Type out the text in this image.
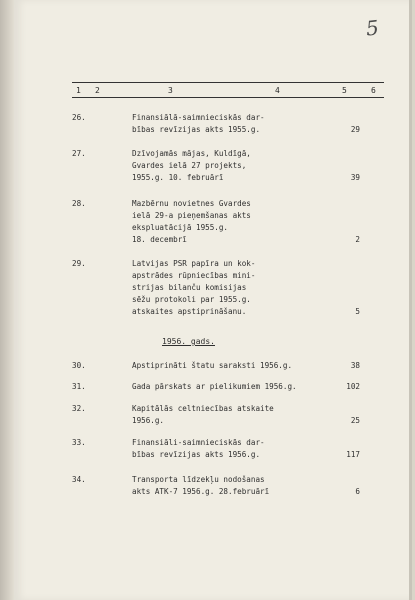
5
1 2	3	4	5	6
26.	Finansiālā-saimnieciskās dar-
bības revīzijas akts 1955.g.	29
27.	Dzīvojamās mājas, Kuldīgā,
Gvardes ielā 27 projekts,
1955.g. 10. februārī	39
28.	Mazbērnu novietnes Gvardes
ielā 29-a pieņemšanas akts
ekspluatācijā 1955.g.
18. decembrī	2
29.	Latvijas PSR papīra un kok-
apstrādes rūpniecības mini-
strijas bilanču komisijas
sēžu protokoli par 1955.g.
atskaites apstiprināšanu.	5
1956. gads.
30.	Apstiprināti štatu saraksti 1956.g.	38
31.	Gada pārskats ar pielikumiem 1956.g.	102
32.	Kapitālās celtniecības atskaite
1956.g.	25
33.	Finansiāli-saimnieciskās dar-
bības revīzijas akts 1956.g.	117
34.	Transporta līdzekļu nodošanas
akts ATK-7 1956.g. 28.februārī	6
